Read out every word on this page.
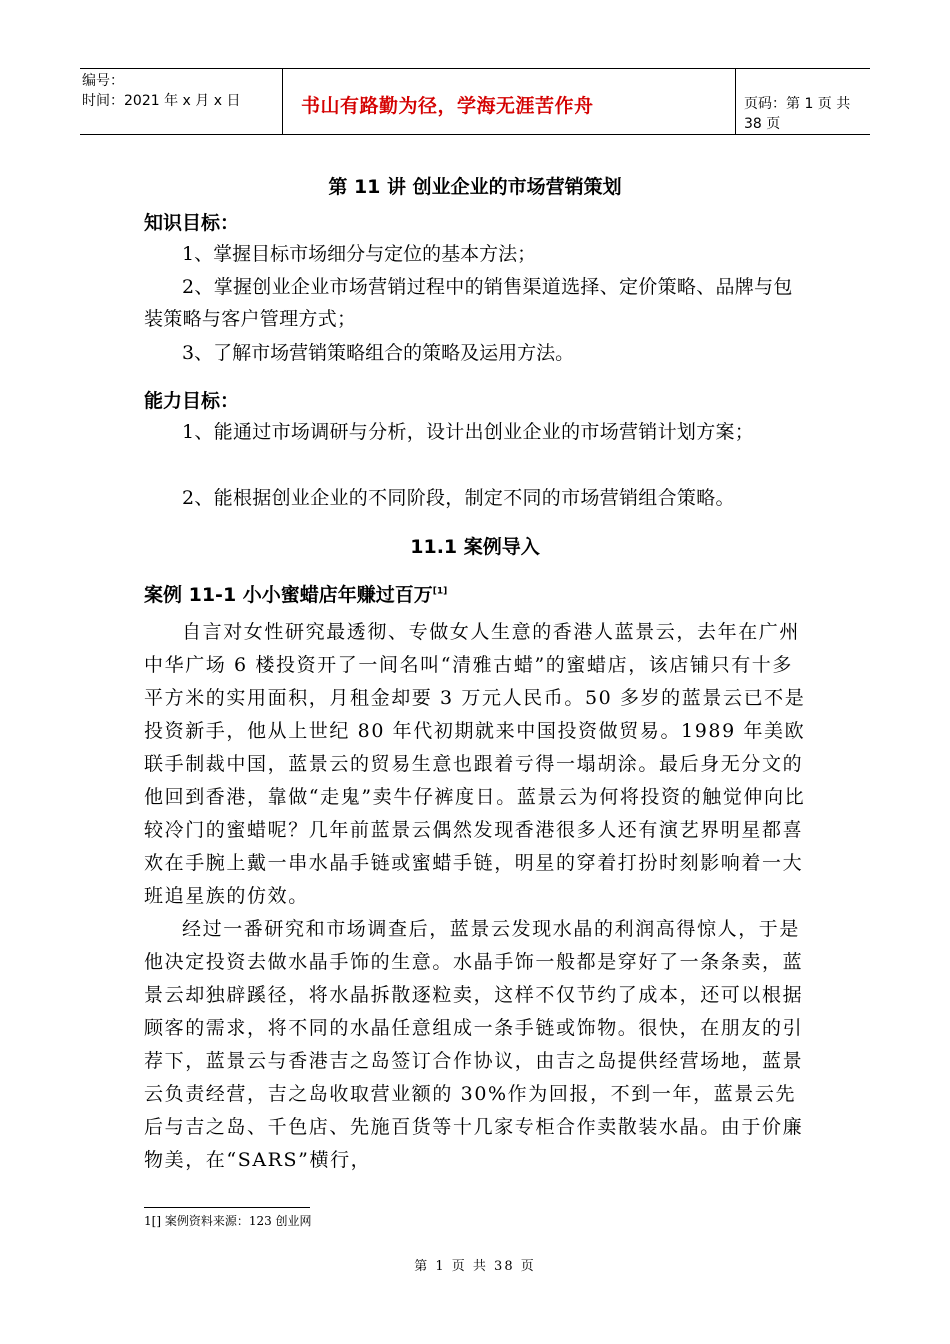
编号：
时间：2021 年 x 月 x 日	书山有路勤为径，学海无涯苦作舟	页码：第 1 页 共 38 页
第 11 讲 创业企业的市场营销策划
知识目标：
1、掌握目标市场细分与定位的基本方法；
2、掌握创业企业市场营销过程中的销售渠道选择、定价策略、品牌与包装策略与客户管理方式；
3、了解市场营销策略组合的策略及运用方法。
能力目标：
1、能通过市场调研与分析，设计出创业企业的市场营销计划方案；
2、能根据创业企业的不同阶段，制定不同的市场营销组合策略。
11.1 案例导入
案例 11-1 小小蜜蜡店年赚过百万[1]

自言对女性研究最透彻、专做女人生意的香港人蓝景云，去年在广州中华广场 6 楼投资开了一间名叫“清雅古蜡”的蜜蜡店，该店铺只有十多平方米的实用面积，月租金却要 3 万元人民币。50 多岁的蓝景云已不是投资新手，他从上世纪 80 年代初期就来中国投资做贸易。1989 年美欧联手制裁中国，蓝景云的贸易生意也跟着亏得一塌胡涂。最后身无分文的他回到香港，靠做“走鬼”卖牛仔裤度日。蓝景云为何将投资的触觉伸向比较冷门的蜜蜡呢？几年前蓝景云偶然发现香港很多人还有演艺界明星都喜欢在手腕上戴一串水晶手链或蜜蜡手链，明星的穿着打扮时刻影响着一大班追星族的仿效。

经过一番研究和市场调查后，蓝景云发现水晶的利润高得惊人，于是他决定投资去做水晶手饰的生意。水晶手饰一般都是穿好了一条条卖，蓝景云却独辟蹊径，将水晶拆散逐粒卖，这样不仅节约了成本，还可以根据顾客的需求，将不同的水晶任意组成一条手链或饰物。很快，在朋友的引荐下，蓝景云与香港吉之岛签订合作协议，由吉之岛提供经营场地，蓝景云负责经营，吉之岛收取营业额的 30%作为回报，不到一年，蓝景云先后与吉之岛、千色店、先施百货等十几家专柜合作卖散装水晶。由于价廉物美，在“SARS”横行，

1[] 案例资料来源：123 创业网
第 1 页 共 38 页
